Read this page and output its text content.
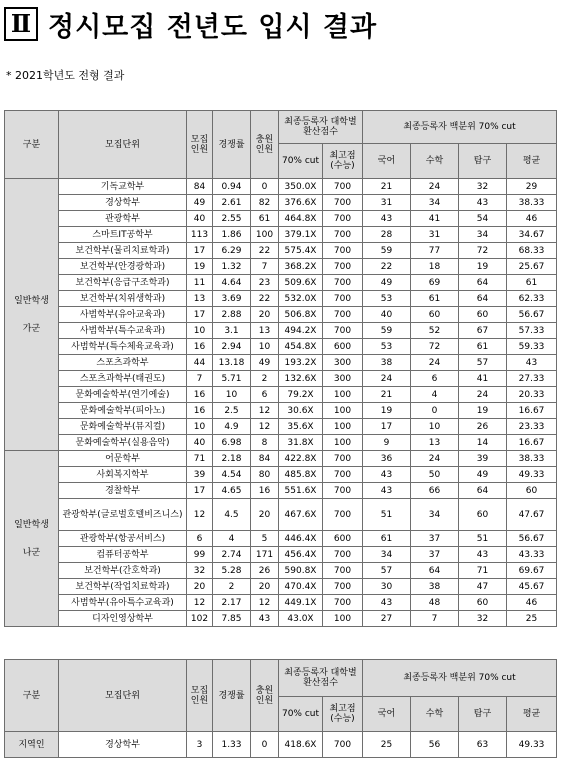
Ⅱ 정시모집 전년도 입시 결과
* 2021학년도 전형 결과
구분	모집단위	모집 인원	경쟁률	충원 인원	최종등록자 대학별 환산점수		최종등록자 백분위 70% cut			
					70% cut	최고점 (수능)	국어	수학	탐구	평균

일반학생
가군	기독교학부	84	0.94	0	350.0X	700	21	24	32	29
	경상학부	49	2.61	82	376.6X	700	31	34	43	38.33
	관광학부	40	2.55	61	464.8X	700	43	41	54	46
	스마트IT공학부	113	1.86	100	379.1X	700	28	31	34	34.67
	보건학부(물리치료학과)	17	6.29	22	575.4X	700	59	77	72	68.33
	보건학부(안경광학과)	19	1.32	7	368.2X	700	22	18	19	25.67
	보건학부(응급구조학과)	11	4.64	23	509.6X	700	49	69	64	61
	보건학부(치위생학과)	13	3.69	22	532.0X	700	53	61	64	62.33
	사범학부(유아교육과)	17	2.88	20	506.8X	700	40	60	60	56.67
	사범학부(특수교육과)	10	3.1	13	494.2X	700	59	52	67	57.33
	사범학부(특수체육교육과)	16	2.94	10	454.8X	600	53	72	61	59.33
	스포츠과학부	44	13.18	49	193.2X	300	38	24	57	43
	스포츠과학부(태권도)	7	5.71	2	132.6X	300	24	6	41	27.33
	문화예술학부(연기예술)	16	10	6	79.2X	100	21	4	24	20.33
	문화예술학부(피아노)	16	2.5	12	30.6X	100	19	0	19	16.67
	문화예술학부(뮤지컬)	10	4.9	12	35.6X	100	17	10	26	23.33
	문화예술학부(실용음악)	40	6.98	8	31.8X	100	9	13	14	16.67

일반학생
나군	어문학부	71	2.18	84	422.8X	700	36	24	39	38.33
	사회복지학부	39	4.54	80	485.8X	700	43	50	49	49.33
	경찰학부	17	4.65	16	551.6X	700	43	66	64	60
	관광학부(글로벌호텔비즈니스)	12	4.5	20	467.6X	700	51	34	60	47.67
	관광학부(항공서비스)	6	4	5	446.4X	600	61	37	51	56.67
	컴퓨터공학부	99	2.74	171	456.4X	700	34	37	43	43.33
	보건학부(간호학과)	32	5.28	26	590.8X	700	57	64	71	69.67
	보건학부(작업치료학과)	20	2	20	470.4X	700	30	38	47	45.67
	사범학부(유아특수교육과)	12	2.17	12	449.1X	700	43	48	60	46
	디자인영상학부	102	7.85	43	43.0X	100	27	7	32	25
구분	모집단위	모집 인원	경쟁률	충원 인원	최종등록자 대학별 환산점수		최종등록자 백분위 70% cut			
					70% cut	최고점 (수능)	국어	수학	탐구	평균
지역인	경상학부	3	1.33	0	418.6X	700	25	56	63	49.33
